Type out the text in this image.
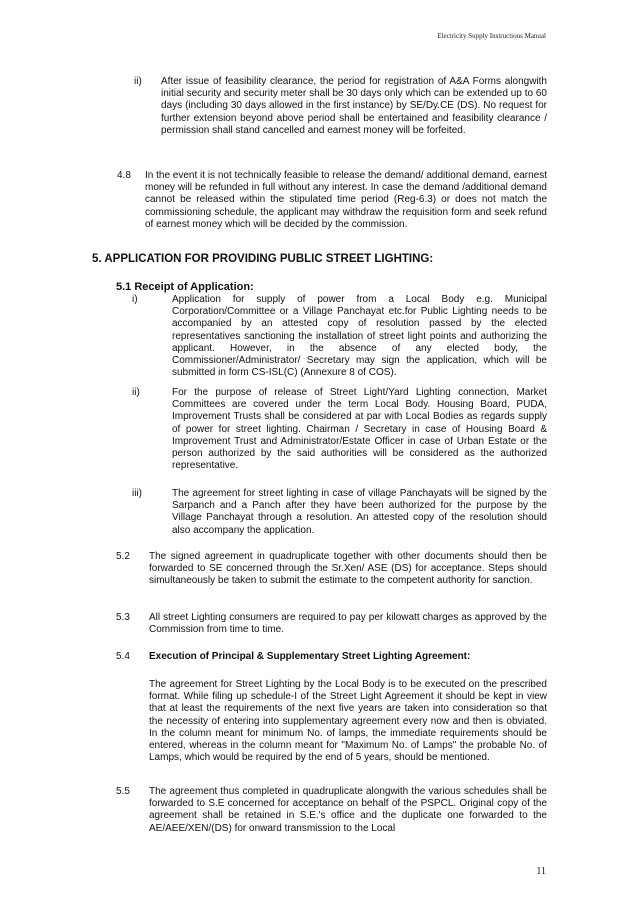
Electricity Supply Instructions Manual
ii) After issue of feasibility clearance, the period for registration of A&A Forms alongwith initial security and security meter shall be 30 days only which can be extended up to 60 days (including 30 days allowed in the first instance) by SE/Dy.CE (DS). No request for further extension beyond above period shall be entertained and feasibility clearance / permission shall stand cancelled and earnest money will be forfeited.
4.8 In the event it is not technically feasible to release the demand/ additional demand, earnest money will be refunded in full without any interest. In case the demand /additional demand cannot be released within the stipulated time period (Reg-6.3) or does not match the commissioning schedule, the applicant may withdraw the requisition form and seek refund of earnest money which will be decided by the commission.
5. APPLICATION FOR PROVIDING PUBLIC STREET LIGHTING:
5.1 Receipt of Application:
i)	Application for supply of power from a Local Body e.g. Municipal Corporation/Committee or a Village Panchayat etc.for Public Lighting needs to be accompanied by an attested copy of resolution passed by the elected representatives sanctioning the installation of street light points and authorizing the applicant. However, in the absence of any elected body, the Commissioner/Administrator/ Secretary may sign the application, which will be submitted in form CS-ISL(C) (Annexure 8 of COS).
ii)	For the purpose of release of Street Light/Yard Lighting connection, Market Committees are covered under the term Local Body. Housing Board, PUDA, Improvement Trusts shall be considered at par with Local Bodies as regards supply of power for street lighting. Chairman / Secretary in case of Housing Board & Improvement Trust and Administrator/Estate Officer in case of Urban Estate or the person authorized by the said authorities will be considered as the authorized representative.
iii)	The agreement for street lighting in case of village Panchayats will be signed by the Sarpanch and a Panch after they have been authorized for the purpose by the Village Panchayat through a resolution. An attested copy of the resolution should also accompany the application.
5.2 The signed agreement in quadruplicate together with other documents should then be forwarded to SE concerned through the Sr.Xen/ ASE (DS) for acceptance. Steps should simultaneously be taken to submit the estimate to the competent authority for sanction.
5.3 All street Lighting consumers are required to pay per kilowatt charges as approved by the Commission from time to time.
5.4 Execution of Principal & Supplementary Street Lighting Agreement:
The agreement for Street Lighting by the Local Body is to be executed on the prescribed format. While filing up schedule-I of the Street Light Agreement it should be kept in view that at least the requirements of the next five years are taken into consideration so that the necessity of entering into supplementary agreement every now and then is obviated. In the column meant for minimum No. of lamps, the immediate requirements should be entered, whereas in the column meant for "Maximum No. of Lamps" the probable No. of Lamps, which would be required by the end of 5 years, should be mentioned.
5.5 The agreement thus completed in quadruplicate alongwith the various schedules shall be forwarded to S.E concerned for acceptance on behalf of the PSPCL. Original copy of the agreement shall be retained in S.E.'s office and the duplicate one forwarded to the AE/AEE/XEN/(DS) for onward transmission to the Local
11
